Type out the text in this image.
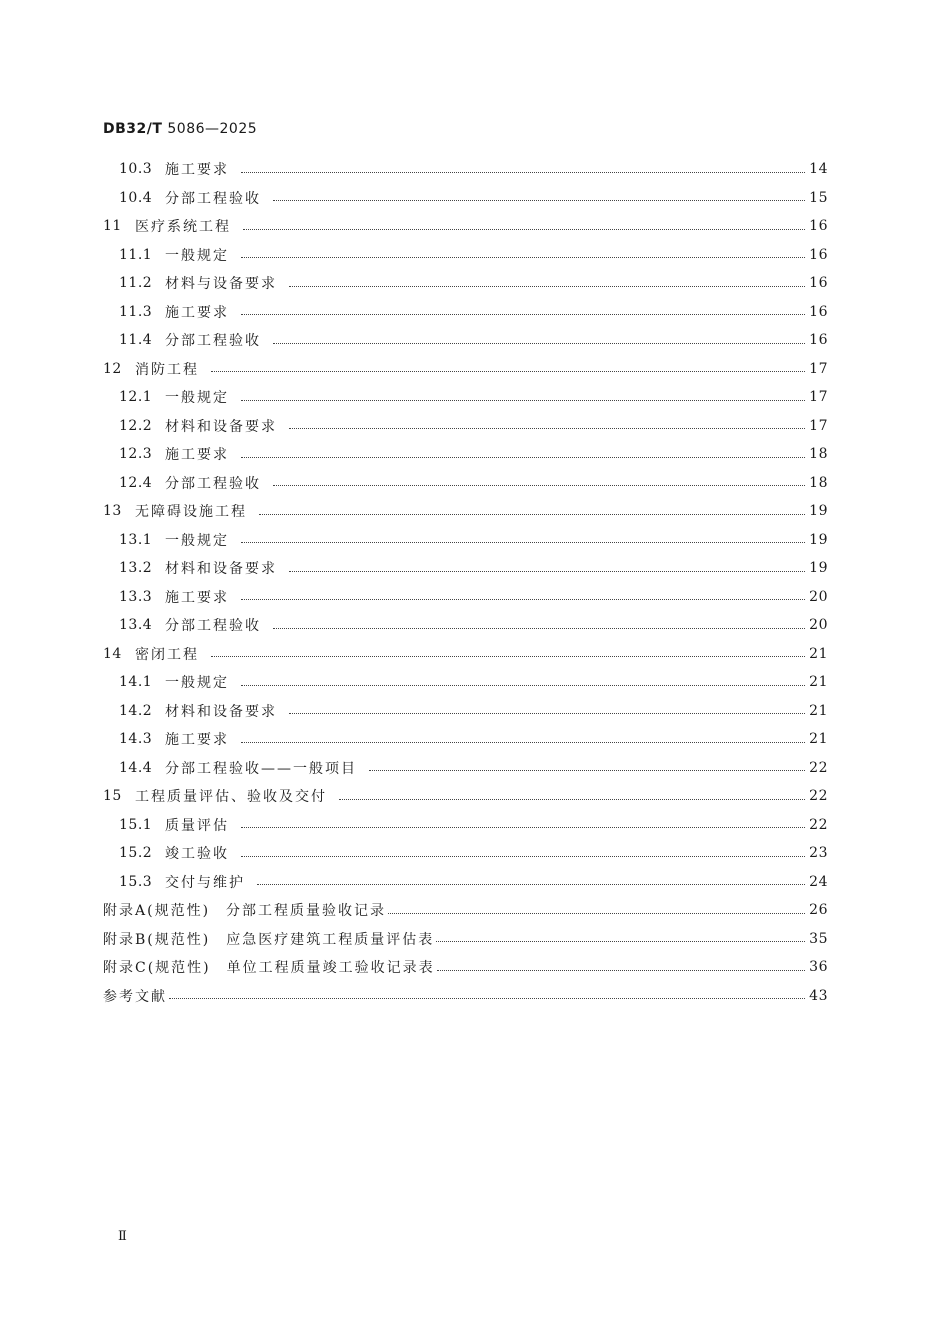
DB32/T 5086—2025
10.3 施工要求	14
10.4 分部工程验收	15
11 医疗系统工程	16
11.1 一般规定	16
11.2 材料与设备要求	16
11.3 施工要求	16
11.4 分部工程验收	16
12 消防工程	17
12.1 一般规定	17
12.2 材料和设备要求	17
12.3 施工要求	18
12.4 分部工程验收	18
13 无障碍设施工程	19
13.1 一般规定	19
13.2 材料和设备要求	19
13.3 施工要求	20
13.4 分部工程验收	20
14 密闭工程	21
14.1 一般规定	21
14.2 材料和设备要求	21
14.3 施工要求	21
14.4 分部工程验收——一般项目	22
15 工程质量评估、验收及交付	22
15.1 质量评估	22
15.2 竣工验收	23
15.3 交付与维护	24
附录A(规范性)　分部工程质量验收记录	26
附录B(规范性)　应急医疗建筑工程质量评估表	35
附录C(规范性)　单位工程质量竣工验收记录表	36
参考文献	43
Ⅱ
